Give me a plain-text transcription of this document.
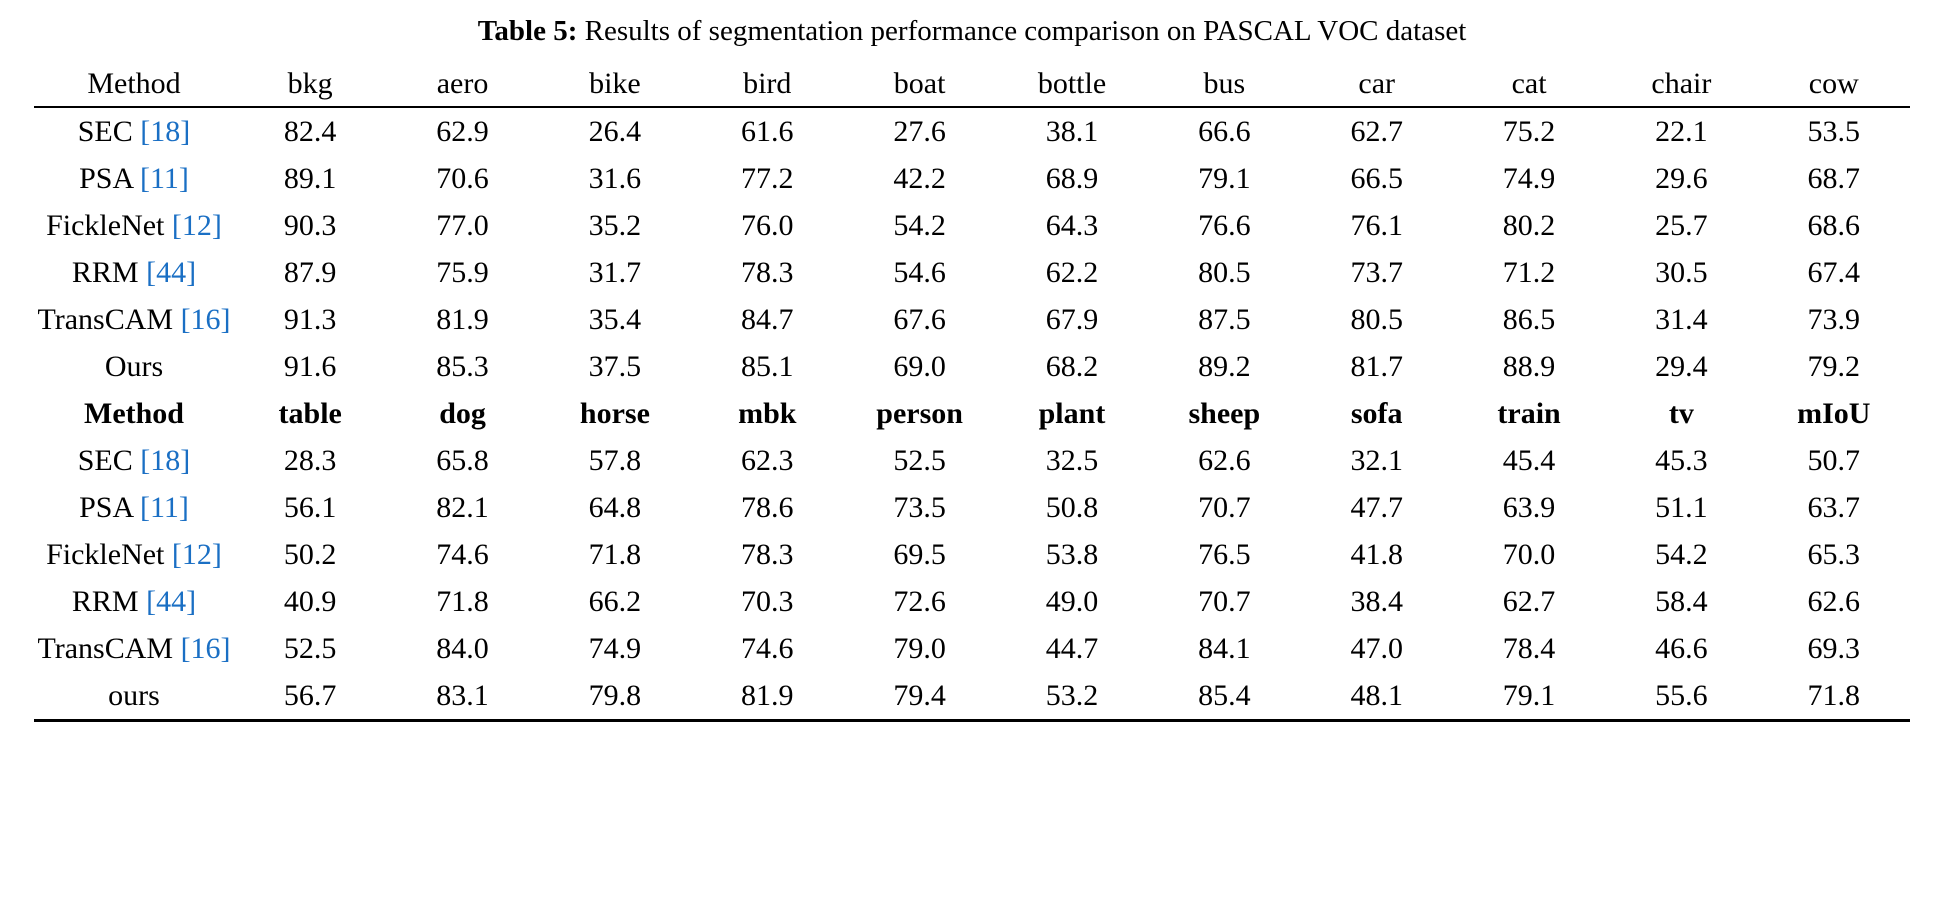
Table 5: Results of segmentation performance comparison on PASCAL VOC dataset
Method	bkg	aero	bike	bird	boat	bottle	bus	car	cat	chair	cow

SEC [18]	82.4	62.9	26.4	61.6	27.6	38.1	66.6	62.7	75.2	22.1	53.5
PSA [11]	89.1	70.6	31.6	77.2	42.2	68.9	79.1	66.5	74.9	29.6	68.7
FickleNet [12]	90.3	77.0	35.2	76.0	54.2	64.3	76.6	76.1	80.2	25.7	68.6
RRM [44]	87.9	75.9	31.7	78.3	54.6	62.2	80.5	73.7	71.2	30.5	67.4
TransCAM [16]	91.3	81.9	35.4	84.7	67.6	67.9	87.5	80.5	86.5	31.4	73.9
Ours	91.6	85.3	37.5	85.1	69.0	68.2	89.2	81.7	88.9	29.4	79.2
Method	table	dog	horse	mbk	person	plant	sheep	sofa	train	tv	mIoU
SEC [18]	28.3	65.8	57.8	62.3	52.5	32.5	62.6	32.1	45.4	45.3	50.7
PSA [11]	56.1	82.1	64.8	78.6	73.5	50.8	70.7	47.7	63.9	51.1	63.7
FickleNet [12]	50.2	74.6	71.8	78.3	69.5	53.8	76.5	41.8	70.0	54.2	65.3
RRM [44]	40.9	71.8	66.2	70.3	72.6	49.0	70.7	38.4	62.7	58.4	62.6
TransCAM [16]	52.5	84.0	74.9	74.6	79.0	44.7	84.1	47.0	78.4	46.6	69.3
ours	56.7	83.1	79.8	81.9	79.4	53.2	85.4	48.1	79.1	55.6	71.8
